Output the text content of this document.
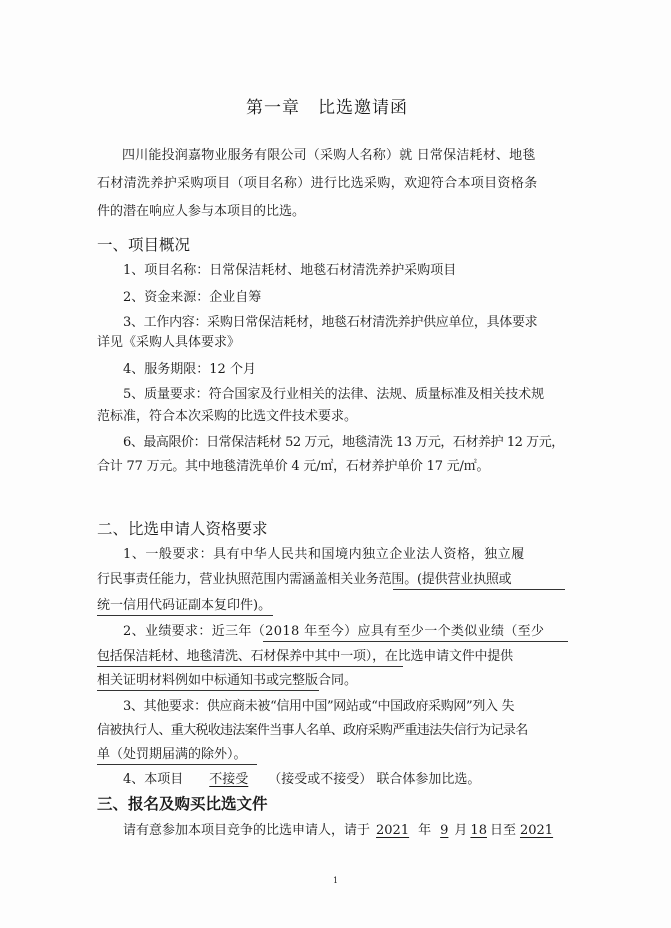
第一章　比选邀请函
四川能投润嘉物业服务有限公司（采购人名称）就 日常保洁耗材、地毯
石材清洗养护采购项目（项目名称）进行比选采购，欢迎符合本项目资格条
件的潜在响应人参与本项目的比选。
一、项目概况
1、项目名称：日常保洁耗材、地毯石材清洗养护采购项目
2、资金来源：企业自筹
3、工作内容：采购日常保洁耗材，地毯石材清洗养护供应单位，具体要求
详见《采购人具体要求》
4、服务期限：12 个月
5、质量要求：符合国家及行业相关的法律、法规、质量标准及相关技术规
范标准，符合本次采购的比选文件技术要求。
6、最高限价：日常保洁耗材 52 万元，地毯清洗 13 万元，石材养护 12 万元，
合计 77 万元。其中地毯清洗单价 4 元/㎡，石材养护单价 17 元/㎡。
二、比选申请人资格要求
1、一般要求：具有中华人民共和国境内独立企业法人资格，独立履
行民事责任能力，营业执照范围内需涵盖相关业务范围。(提供营业执照或
统一信用代码证副本复印件)。
2、业绩要求：近三年（2018 年至今）应具有至少一个类似业绩（至少
包括保洁耗材、地毯清洗、石材保养中其中一项），在比选申请文件中提供
相关证明材料例如中标通知书或完整版合同。
3、其他要求：供应商未被“信用中国”网站或“中国政府采购网”列入 失
信被执行人、重大税收违法案件当事人名单、政府采购严重违法失信行为记录名
单（处罚期届满的除外）。
4、本项目 不接受 （接受或不接受） 联合体参加比选。
三、报名及购买比选文件
请有意参加本项目竞争的比选申请人，请于 2021 年 9 月 18 日至 2021
1
